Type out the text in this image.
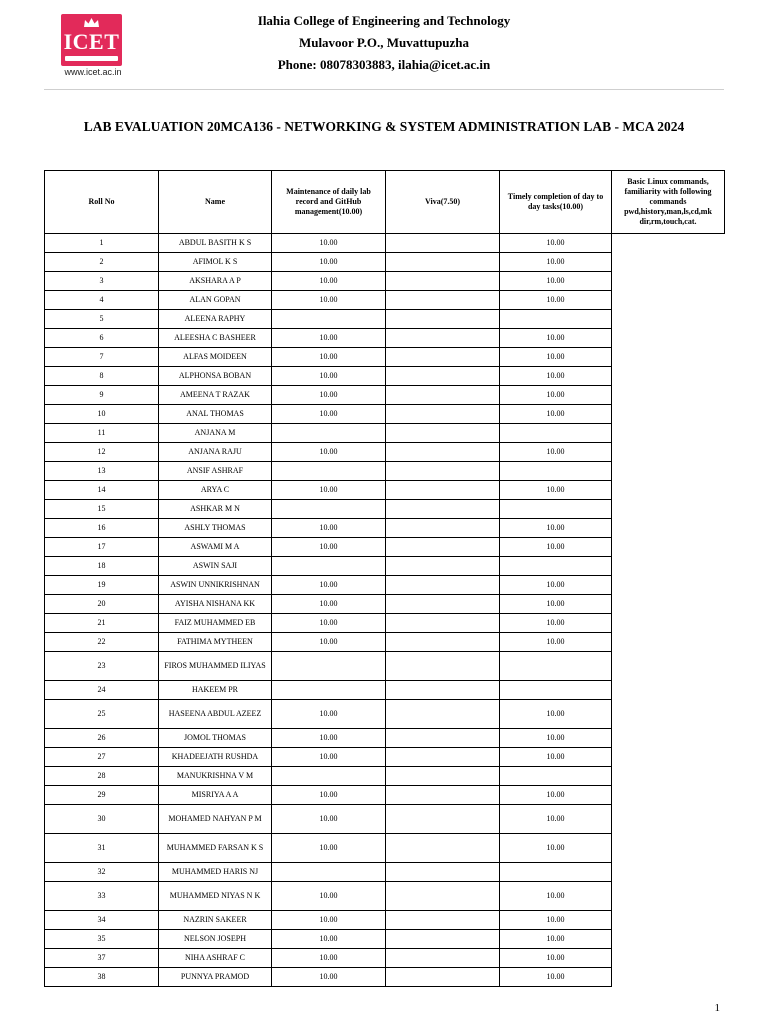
ICET
www.icet.ac.in
Ilahia College of Engineering and Technology
Mulavoor P.O., Muvattupuzha
Phone: 08078303883, ilahia@icet.ac.in
LAB EVALUATION 20MCA136 - NETWORKING & SYSTEM ADMINISTRATION LAB - MCA 2024
Roll No	Name	Maintenance of daily lab record and GitHub management(10.00)	Viva(7.50)	Timely completion of day to day tasks(10.00)	Basic Linux commands, familiarity with following commands pwd,history,man,ls,cd,mk dir,rm,touch,cat.
1	ABDUL BASITH K S	10.00		10.00	
2	AFIMOL K S	10.00		10.00	
3	AKSHARA A P	10.00		10.00	
4	ALAN GOPAN	10.00		10.00	
5	ALEENA RAPHY				
6	ALEESHA C BASHEER	10.00		10.00	
7	ALFAS MOIDEEN	10.00		10.00	
8	ALPHONSA BOBAN	10.00		10.00	
9	AMEENA T RAZAK	10.00		10.00	
10	ANAL THOMAS	10.00		10.00	
11	ANJANA M				
12	ANJANA RAJU	10.00		10.00	
13	ANSIF ASHRAF				
14	ARYA C	10.00		10.00	
15	ASHKAR M N				
16	ASHLY THOMAS	10.00		10.00	
17	ASWAMI M A	10.00		10.00	
18	ASWIN SAJI				
19	ASWIN UNNIKRISHNAN	10.00		10.00	
20	AYISHA NISHANA KK	10.00		10.00	
21	FAIZ MUHAMMED EB	10.00		10.00	
22	FATHIMA MYTHEEN	10.00		10.00	
23	FIROS MUHAMMED ILIYAS				
24	HAKEEM PR				
25	HASEENA ABDUL AZEEZ	10.00		10.00	
26	JOMOL THOMAS	10.00		10.00	
27	KHADEEJATH RUSHDA	10.00		10.00	
28	MANUKRISHNA V M				
29	MISRIYA A A	10.00		10.00	
30	MOHAMED NAHYAN P M	10.00		10.00	
31	MUHAMMED FARSAN K S	10.00		10.00	
32	MUHAMMED HARIS NJ				
33	MUHAMMED NIYAS N K	10.00		10.00	
34	NAZRIN SAKEER	10.00		10.00	
35	NELSON JOSEPH	10.00		10.00	
37	NIHA ASHRAF C	10.00		10.00	
38	PUNNYA PRAMOD	10.00		10.00	
1
